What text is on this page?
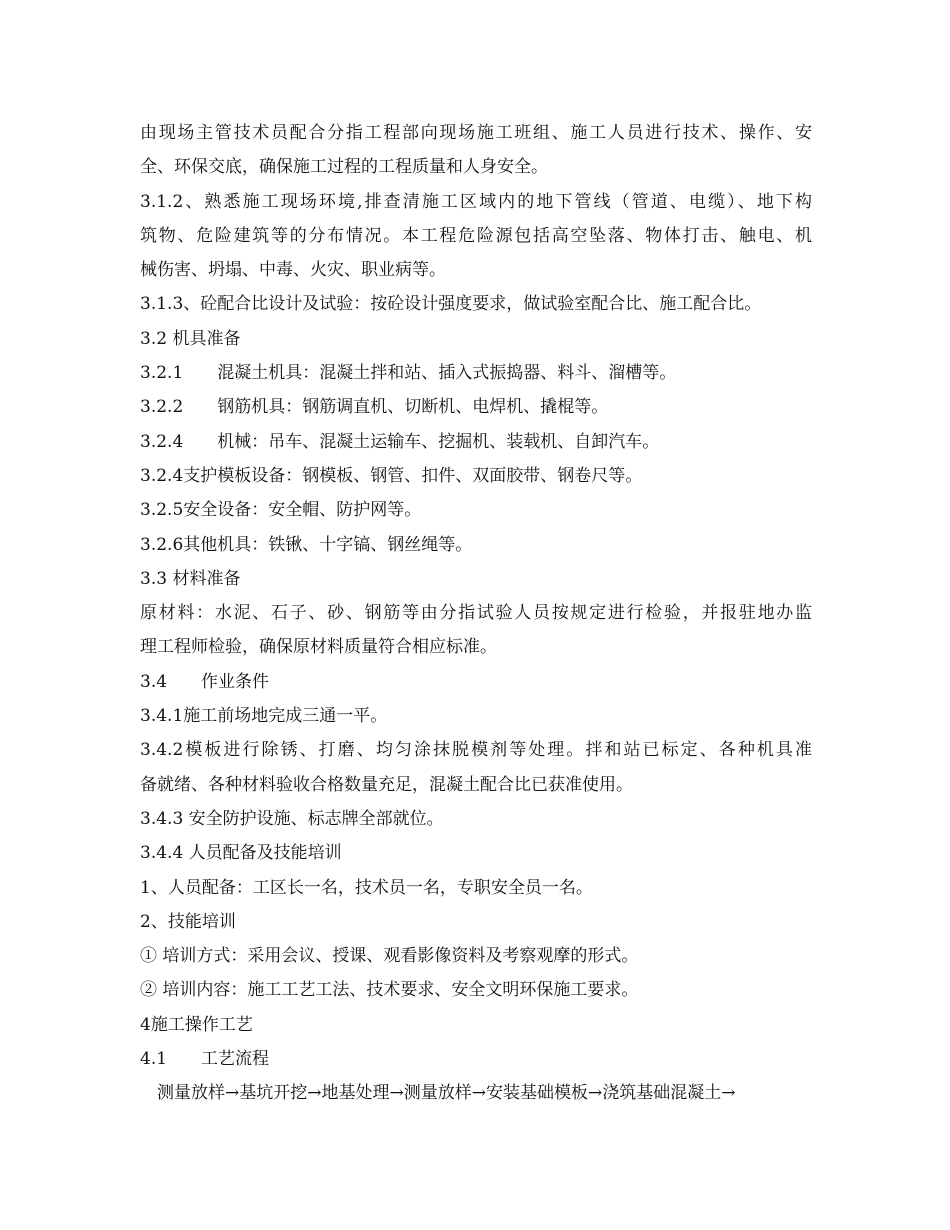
由现场主管技术员配合分指工程部向现场施工班组、施工人员进行技术、操作、安
全、环保交底，确保施工过程的工程质量和人身安全。
3.1.2、熟悉施工现场环境,排查清施工区域内的地下管线（管道、电缆）、地下构
筑物、危险建筑等的分布情况。本工程危险源包括高空坠落、物体打击、触电、机
械伤害、坍塌、中毒、火灾、职业病等。
3.1.3、砼配合比设计及试验：按砼设计强度要求，做试验室配合比、施工配合比。
3.2 机具准备
3.2.1 混凝土机具：混凝土拌和站、插入式振捣器、料斗、溜槽等。
3.2.2 钢筋机具：钢筋调直机、切断机、电焊机、撬棍等。
3.2.4 机械：吊车、混凝土运输车、挖掘机、装载机、自卸汽车。
3.2.4支护模板设备：钢模板、钢管、扣件、双面胶带、钢卷尺等。
3.2.5安全设备：安全帽、防护网等。
3.2.6其他机具：铁锹、十字镐、钢丝绳等。
3.3 材料准备
原材料：水泥、石子、砂、钢筋等由分指试验人员按规定进行检验，并报驻地办监
理工程师检验，确保原材料质量符合相应标准。
3.4 作业条件
3.4.1施工前场地完成三通一平。
3.4.2模板进行除锈、打磨、均匀涂抹脱模剂等处理。拌和站已标定、各种机具准
备就绪、各种材料验收合格数量充足，混凝土配合比已获准使用。
3.4.3 安全防护设施、标志牌全部就位。
3.4.4 人员配备及技能培训
1、人员配备：工区长一名，技术员一名，专职安全员一名。
2、技能培训
① 培训方式：采用会议、授课、观看影像资料及考察观摩的形式。
② 培训内容：施工工艺工法、技术要求、安全文明环保施工要求。
4施工操作工艺
4.1 工艺流程
测量放样→基坑开挖→地基处理→测量放样→安装基础模板→浇筑基础混凝土→
